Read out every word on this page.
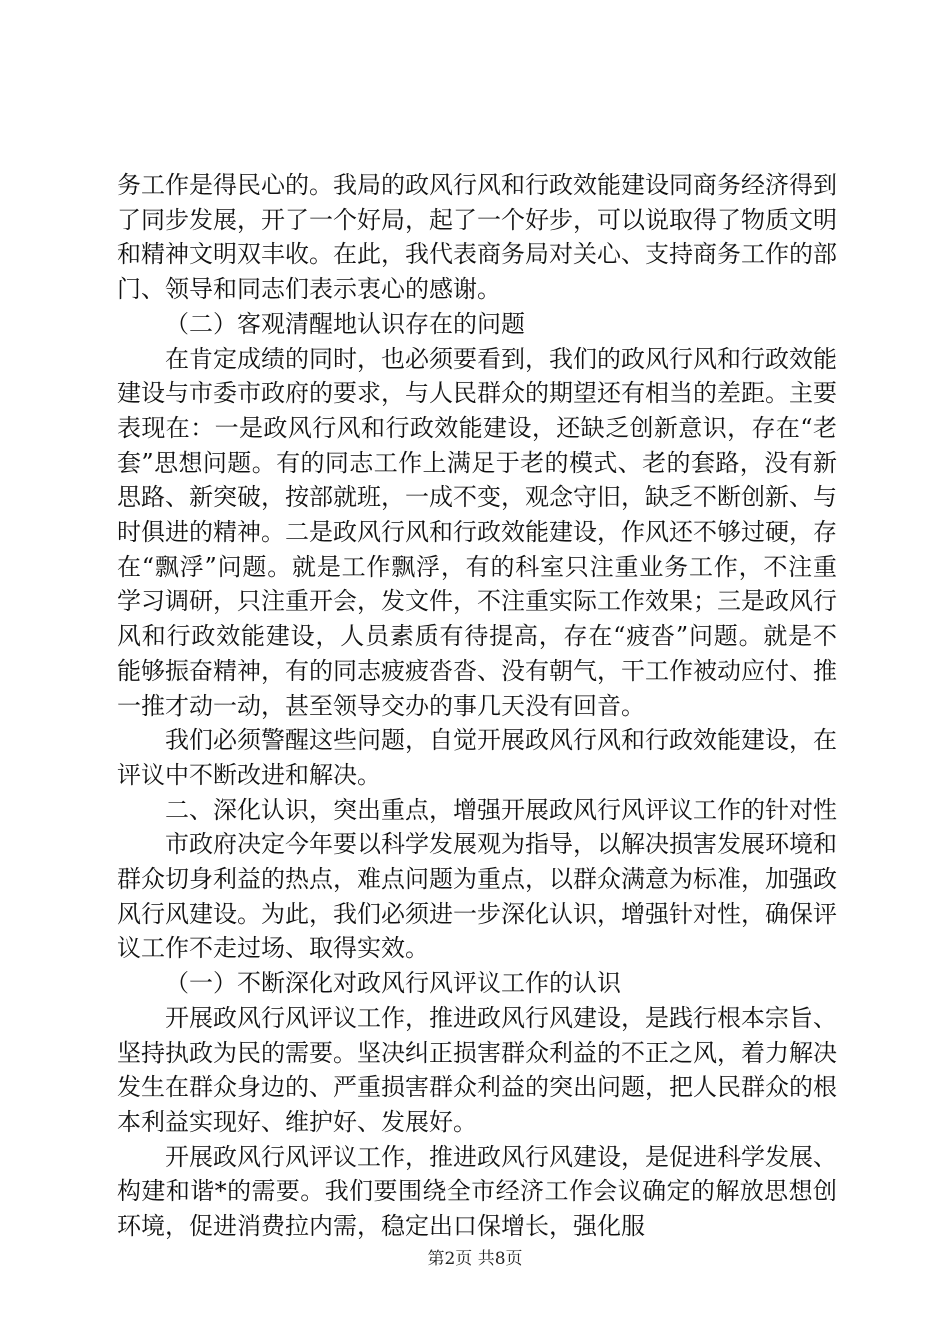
务工作是得民心的。我局的政风行风和行政效能建设同商务经济得到了同步发展，开了一个好局，起了一个好步，可以说取得了物质文明和精神文明双丰收。在此，我代表商务局对关心、支持商务工作的部门、领导和同志们表示衷心的感谢。

（二）客观清醒地认识存在的问题

在肯定成绩的同时，也必须要看到，我们的政风行风和行政效能建设与市委市政府的要求，与人民群众的期望还有相当的差距。主要表现在：一是政风行风和行政效能建设，还缺乏创新意识，存在“老套”思想问题。有的同志工作上满足于老的模式、老的套路，没有新思路、新突破，按部就班，一成不变，观念守旧，缺乏不断创新、与时俱进的精神。二是政风行风和行政效能建设，作风还不够过硬，存在“飘浮”问题。就是工作飘浮，有的科室只注重业务工作，不注重学习调研，只注重开会，发文件，不注重实际工作效果；三是政风行风和行政效能建设，人员素质有待提高，存在“疲沓”问题。就是不能够振奋精神，有的同志疲疲沓沓、没有朝气，干工作被动应付、推一推才动一动，甚至领导交办的事几天没有回音。

我们必须警醒这些问题，自觉开展政风行风和行政效能建设，在评议中不断改进和解决。

二、深化认识，突出重点，增强开展政风行风评议工作的针对性

市政府决定今年要以科学发展观为指导，以解决损害发展环境和群众切身利益的热点，难点问题为重点，以群众满意为标准，加强政风行风建设。为此，我们必须进一步深化认识，增强针对性，确保评议工作不走过场、取得实效。

（一）不断深化对政风行风评议工作的认识

开展政风行风评议工作，推进政风行风建设，是践行根本宗旨、坚持执政为民的需要。坚决纠正损害群众利益的不正之风，着力解决发生在群众身边的、严重损害群众利益的突出问题，把人民群众的根本利益实现好、维护好、发展好。

开展政风行风评议工作，推进政风行风建设，是促进科学发展、构建和谐*的需要。我们要围绕全市经济工作会议确定的解放思想创环境，促进消费拉内需，稳定出口保增长，强化服

第2页 共8页
